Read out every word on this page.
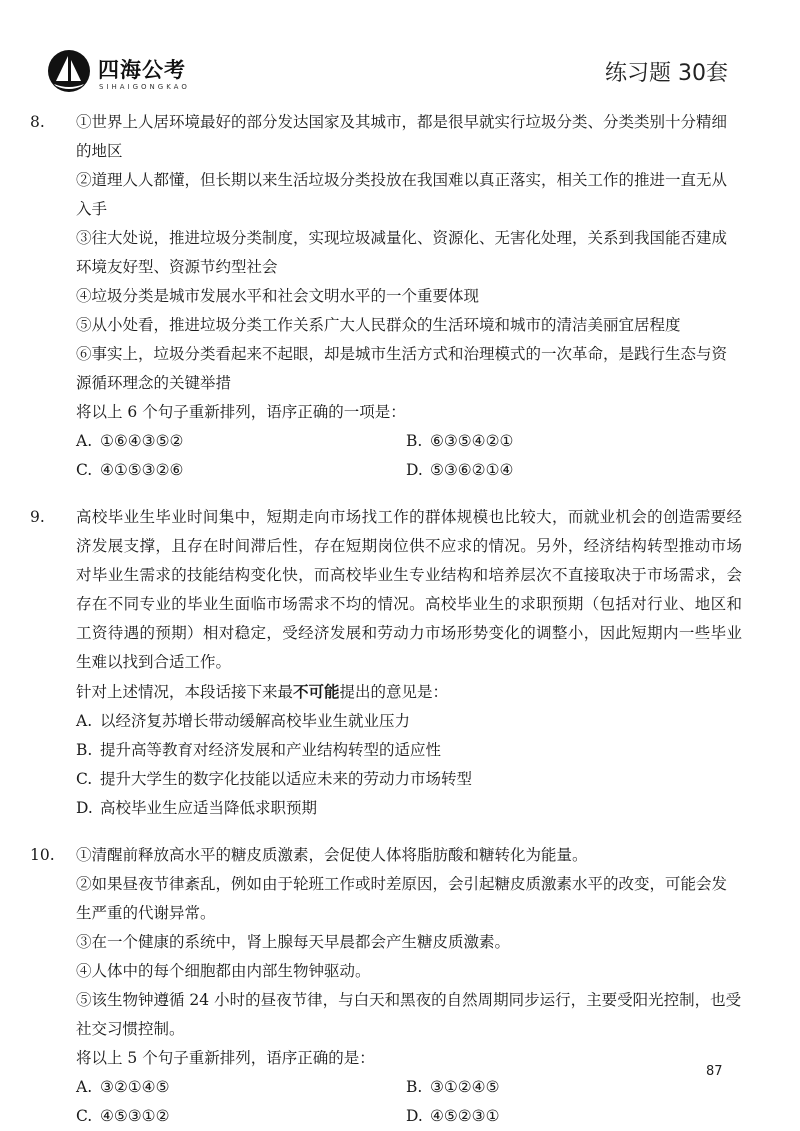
四海公考
SIHAIGONGKAO
练习题 30套
8.	①世界上人居环境最好的部分发达国家及其城市，都是很早就实行垃圾分类、分类类别十分精细的地区
②道理人人都懂，但长期以来生活垃圾分类投放在我国难以真正落实，相关工作的推进一直无从入手
③往大处说，推进垃圾分类制度，实现垃圾减量化、资源化、无害化处理，关系到我国能否建成环境友好型、资源节约型社会
④垃圾分类是城市发展水平和社会文明水平的一个重要体现
⑤从小处看，推进垃圾分类工作关系广大人民群众的生活环境和城市的清洁美丽宜居程度
⑥事实上，垃圾分类看起来不起眼，却是城市生活方式和治理模式的一次革命，是践行生态与资源循环理念的关键举措
将以上 6 个句子重新排列，语序正确的一项是：
A. ①⑥④③⑤②	B. ⑥③⑤④②①
C. ④①⑤③②⑥	D. ⑤③⑥②①④
9.	高校毕业生毕业时间集中，短期走向市场找工作的群体规模也比较大，而就业机会的创造需要经济发展支撑，且存在时间滞后性，存在短期岗位供不应求的情况。另外，经济结构转型推动市场对毕业生需求的技能结构变化快，而高校毕业生专业结构和培养层次不直接取决于市场需求，会存在不同专业的毕业生面临市场需求不均的情况。高校毕业生的求职预期（包括对行业、地区和工资待遇的预期）相对稳定，受经济发展和劳动力市场形势变化的调整小，因此短期内一些毕业生难以找到合适工作。
针对上述情况，本段话接下来最不可能提出的意见是：
A. 以经济复苏增长带动缓解高校毕业生就业压力
B. 提升高等教育对经济发展和产业结构转型的适应性
C. 提升大学生的数字化技能以适应未来的劳动力市场转型
D. 高校毕业生应适当降低求职预期
10.	①清醒前释放高水平的糖皮质激素，会促使人体将脂肪酸和糖转化为能量。
②如果昼夜节律紊乱，例如由于轮班工作或时差原因，会引起糖皮质激素水平的改变，可能会发生严重的代谢异常。
③在一个健康的系统中，肾上腺每天早晨都会产生糖皮质激素。
④人体中的每个细胞都由内部生物钟驱动。
⑤该生物钟遵循 24 小时的昼夜节律，与白天和黑夜的自然周期同步运行，主要受阳光控制，也受社交习惯控制。
将以上 5 个句子重新排列，语序正确的是：
A. ③②①④⑤	B. ③①②④⑤
C. ④⑤③①②	D. ④⑤②③①
87
